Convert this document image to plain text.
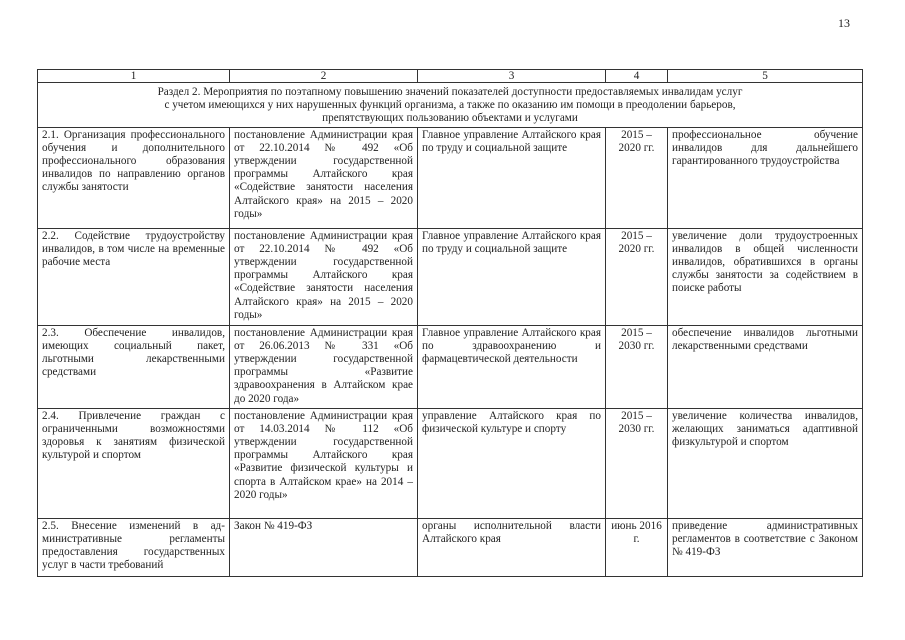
13
1	2	3	4	5

Раздел 2. Мероприятия по поэтапному повышению значений показателей доступности предоставляемых инвалидам услуг
с учетом имеющихся у них нарушенных функций организма, а также по оказанию им помощи в преодолении барьеров,
препятствующих пользованию объектами и услугами				

2.1. Организация профессионального обучения и дополнительного профессионального образования инвалидов по направлению органов службы занятости	постановление Администрации края от 22.10.2014 № 492 «Об утверждении государственной программы Алтайского края «Содействие занятости населения Алтайского края» на 2015 – 2020 годы»	Главное управление Алтайского края по труду и социальной защите	2015 – 2020 гг.	профессиональное обучение инвалидов для дальнейшего гарантированного трудоустройства
2.2. Содействие трудоустройству инвалидов, в том числе на временные рабочие места	постановление Администрации края от 22.10.2014 № 492 «Об утверждении государственной программы Алтайского края «Содействие занятости населения Алтайского края» на 2015 – 2020 годы»	Главное управление Алтайского края по труду и социальной защите	2015 – 2020 гг.	увеличение доли трудоустроенных инвалидов в общей численности инвалидов, обратившихся в органы службы занятости за содействием в поиске работы
2.3. Обеспечение инвалидов, имеющих социальный пакет, льготными лекарственными средствами	постановление Администрации края от 26.06.2013 № 331 «Об утверждении государственной программы «Развитие здравоохранения в Алтайском крае до 2020 года»	Главное управление Алтайского края по здравоохранению и фармацевтической деятельности	2015 – 2030 гг.	обеспечение инвалидов льготными лекарственными средствами
2.4. Привлечение граждан с ограниченными возможностями здоровья к занятиям физической культурой и спортом	постановление Администрации края от 14.03.2014 № 112 «Об утверждении государственной программы Алтайского края «Развитие физической культуры и спорта в Алтайском крае» на 2014 – 2020 годы»	управление Алтайского края по физической культуре и спорту	2015 – 2030 гг.	увеличение количества инвалидов, желающих заниматься адаптивной физкультурой и спортом
2.5. Внесение изменений в административные регламенты предоставления государственных услуг в части требований	Закон № 419-ФЗ	органы исполнительной власти Алтайского края	июнь 2016 г.	приведение административных регламентов в соответствие с Законом № 419-ФЗ
